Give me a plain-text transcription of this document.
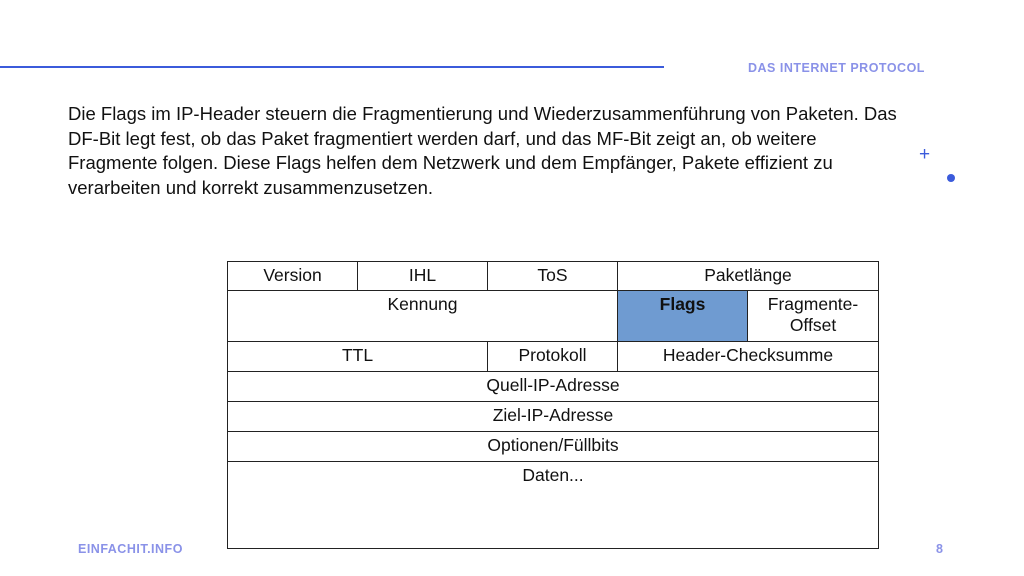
DAS INTERNET PROTOCOL

Die Flags im IP-Header steuern die Fragmentierung und Wiederzusammenführung von Paketen. Das DF-Bit legt fest, ob das Paket fragmentiert werden darf, und das MF-Bit zeigt an, ob weitere Fragmente folgen. Diese Flags helfen dem Netzwerk und dem Empfänger, Pakete effizient zu verarbeiten und korrekt zusammenzusetzen.

+
Version	IHL	ToS	Paketlänge	
Kennung			Flags	Fragmente-
Offset
TTL		Protokoll	Header-Checksumme	
Quell-IP-Adresse				
Ziel-IP-Adresse				
Optionen/Füllbits				
Daten...				
EINFACHIT.INFO	8
